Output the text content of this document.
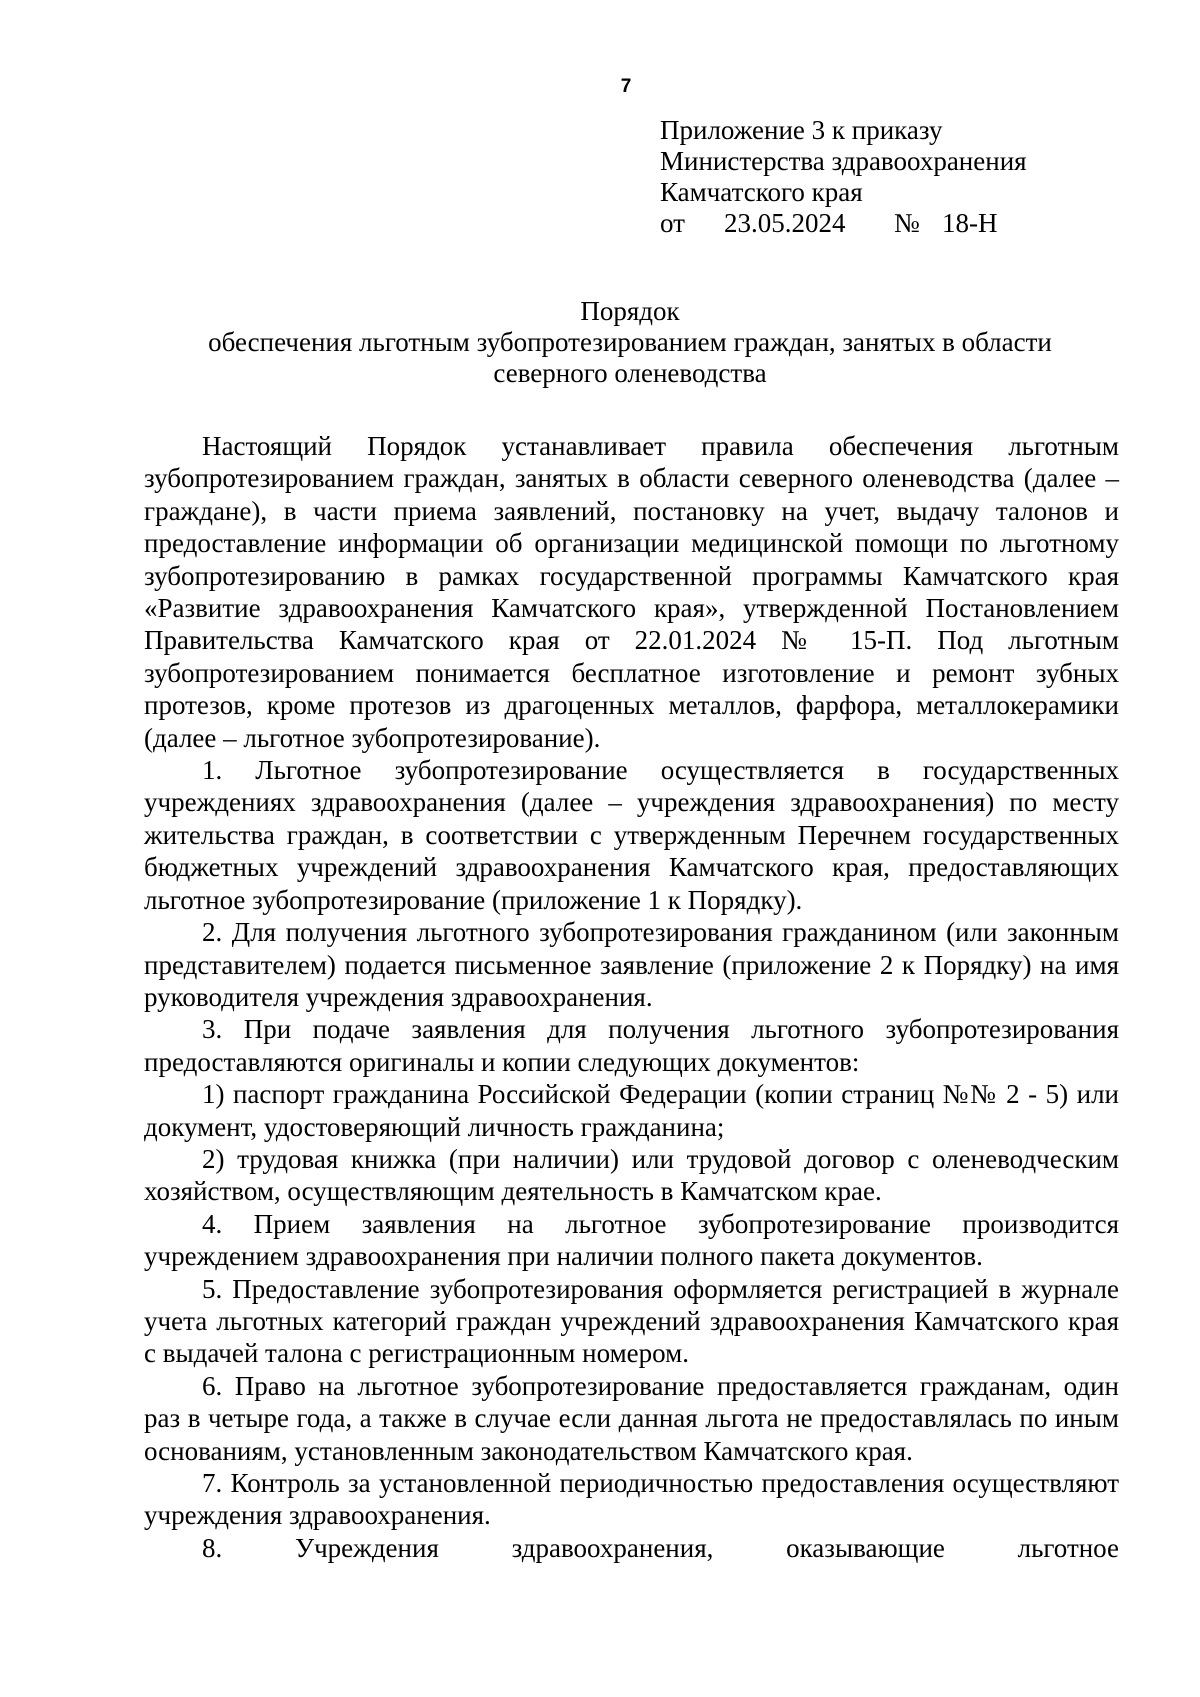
7
Приложение 3 к приказу
Министерства здравоохранения
Камчатского края
от 23.05.2024 № 18-Н
Порядок
обеспечения льготным зубопротезированием граждан, занятых в области
северного оленеводства

Настоящий Порядок устанавливает правила обеспечения льготным зубопротезированием граждан, занятых в области северного оленеводства (далее – граждане), в части приема заявлений, постановку на учет, выдачу талонов и предоставление информации об организации медицинской помощи по льготному зубопротезированию в рамках государственной программы Камчатского края «Развитие здравоохранения Камчатского края», утвержденной Постановлением Правительства Камчатского края от 22.01.2024 № 15-П. Под льготным зубопротезированием понимается бесплатное изготовление и ремонт зубных протезов, кроме протезов из драгоценных металлов, фарфора, металлокерамики (далее – льготное зубопротезирование).

1. Льготное зубопротезирование осуществляется в государственных учреждениях здравоохранения (далее – учреждения здравоохранения) по месту жительства граждан, в соответствии с утвержденным Перечнем государственных бюджетных учреждений здравоохранения Камчатского края, предоставляющих льготное зубопротезирование (приложение 1 к Порядку).

2. Для получения льготного зубопротезирования гражданином (или законным представителем) подается письменное заявление (приложение 2 к Порядку) на имя руководителя учреждения здравоохранения.

3. При подаче заявления для получения льготного зубопротезирования предоставляются оригиналы и копии следующих документов:

1) паспорт гражданина Российской Федерации (копии страниц №№ 2 - 5) или документ, удостоверяющий личность гражданина;

2) трудовая книжка (при наличии) или трудовой договор с оленеводческим хозяйством, осуществляющим деятельность в Камчатском крае.

4. Прием заявления на льготное зубопротезирование производится учреждением здравоохранения при наличии полного пакета документов.

5. Предоставление зубопротезирования оформляется регистрацией в журнале учета льготных категорий граждан учреждений здравоохранения Камчатского края с выдачей талона с регистрационным номером.

6. Право на льготное зубопротезирование предоставляется гражданам, один раз в четыре года, а также в случае если данная льгота не предоставлялась по иным основаниям, установленным законодательством Камчатского края.

7. Контроль за установленной периодичностью предоставления осуществляют учреждения здравоохранения.

8. Учреждения здравоохранения, оказывающие льготное
